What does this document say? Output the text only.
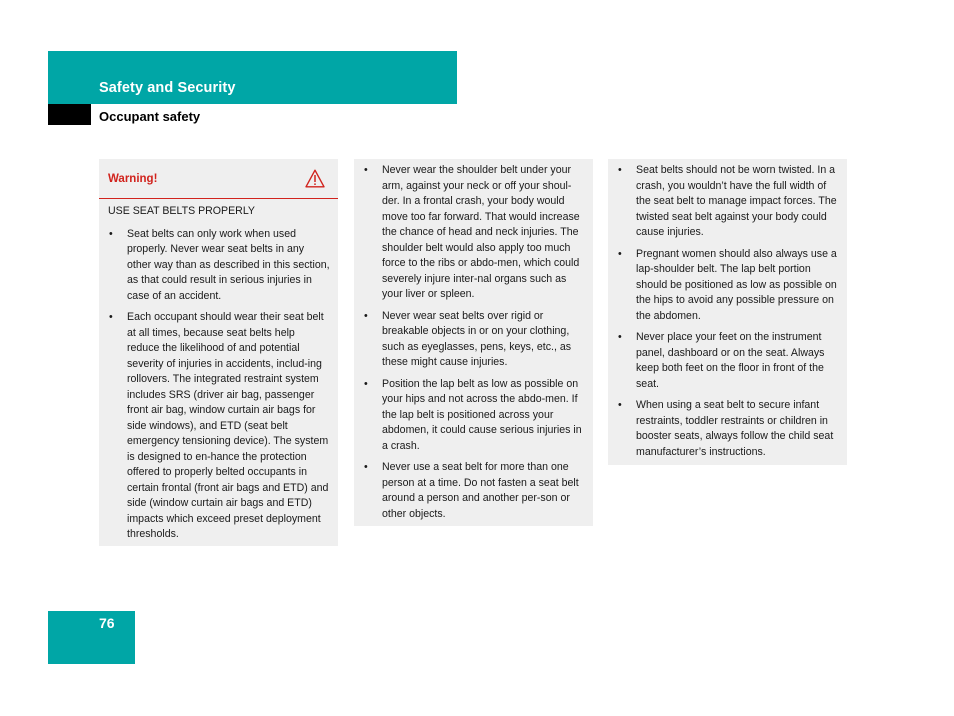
Safety and Security
Occupant safety
Warning!
USE SEAT BELTS PROPERLY
• Seat belts can only work when used properly. Never wear seat belts in any other way than as described in this section, as that could result in serious injuries in case of an accident.
• Each occupant should wear their seat belt at all times, because seat belts help reduce the likelihood of and potential severity of injuries in accidents, includ-ing rollovers. The integrated restraint system includes SRS (driver air bag, passenger front air bag, window curtain air bags for side windows), and ETD (seat belt emergency tensioning device). The system is designed to en-hance the protection offered to properly belted occupants in certain frontal (front air bags and ETD) and side (window curtain air bags and ETD) impacts which exceed preset deployment thresholds.
• Never wear the shoulder belt under your arm, against your neck or off your shoul-der. In a frontal crash, your body would move too far forward. That would increase the chance of head and neck injuries. The shoulder belt would also apply too much force to the ribs or abdo-men, which could severely injure inter-nal organs such as your liver or spleen.
• Never wear seat belts over rigid or breakable objects in or on your clothing, such as eyeglasses, pens, keys, etc., as these might cause injuries.
• Position the lap belt as low as possible on your hips and not across the abdo-men. If the lap belt is positioned across your abdomen, it could cause serious injuries in a crash.
• Never use a seat belt for more than one person at a time. Do not fasten a seat belt around a person and another per-son or other objects.
• Seat belts should not be worn twisted. In a crash, you wouldn’t have the full width of the seat belt to manage impact forces. The twisted seat belt against your body could cause injuries.
• Pregnant women should also always use a lap-shoulder belt. The lap belt portion should be positioned as low as possible on the hips to avoid any possible pressure on the abdomen.
• Never place your feet on the instrument panel, dashboard or on the seat. Always keep both feet on the floor in front of the seat.
• When using a seat belt to secure infant restraints, toddler restraints or children in booster seats, always follow the child seat manufacturer’s instructions.
76
